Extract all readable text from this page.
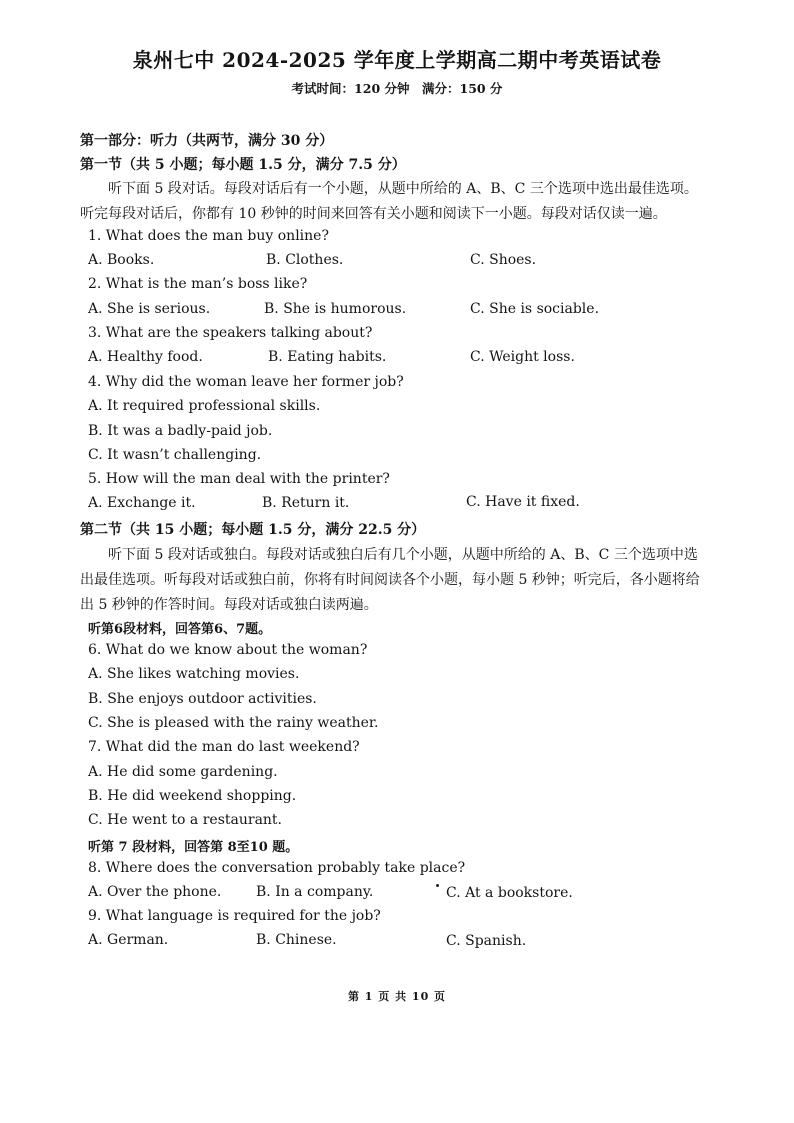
泉州七中 2024-2025 学年度上学期高二期中考英语试卷
考试时间：120 分钟　满分：150 分
第一部分：听力（共两节，满分 30 分）
第一节（共 5 小题；每小题 1.5 分，满分 7.5 分）
听下面 5 段对话。每段对话后有一个小题，从题中所给的 A、B、C 三个选项中选出最佳选项。
听完每段对话后，你都有 10 秒钟的时间来回答有关小题和阅读下一小题。每段对话仅读一遍。
1. What does the man buy online?
A. Books.	B. Clothes.	C. Shoes.
2. What is the man’s boss like?
A. She is serious.	B. She is humorous.	C. She is sociable.
3. What are the speakers talking about?
A. Healthy food.	B. Eating habits.	C. Weight loss.
4. Why did the woman leave her former job?
A. It required professional skills.
B. It was a badly-paid job.
C. It wasn’t challenging.
5. How will the man deal with the printer?
A. Exchange it.	B. Return it.	C. Have it fixed.
第二节（共 15 小题；每小题 1.5 分，满分 22.5 分）
听下面 5 段对话或独白。每段对话或独白后有几个小题，从题中所给的 A、B、C 三个选项中选
出最佳选项。听每段对话或独白前，你将有时间阅读各个小题，每小题 5 秒钟；听完后，各小题将给
出 5 秒钟的作答时间。每段对话或独白读两遍。
听第6段材料，回答第6、7题。
6. What do we know about the woman?
A. She likes watching movies.
B. She enjoys outdoor activities.
C. She is pleased with the rainy weather.
7. What did the man do last weekend?
A. He did some gardening.
B. He did weekend shopping.
C. He went to a restaurant.
听第 7 段材料，回答第 8至10 题。
8. Where does the conversation probably take place?
A. Over the phone. B. In a company.	C. At a bookstore.
9. What language is required for the job?
A. German.	B. Chinese.	C. Spanish.
第 1 页 共 10 页
